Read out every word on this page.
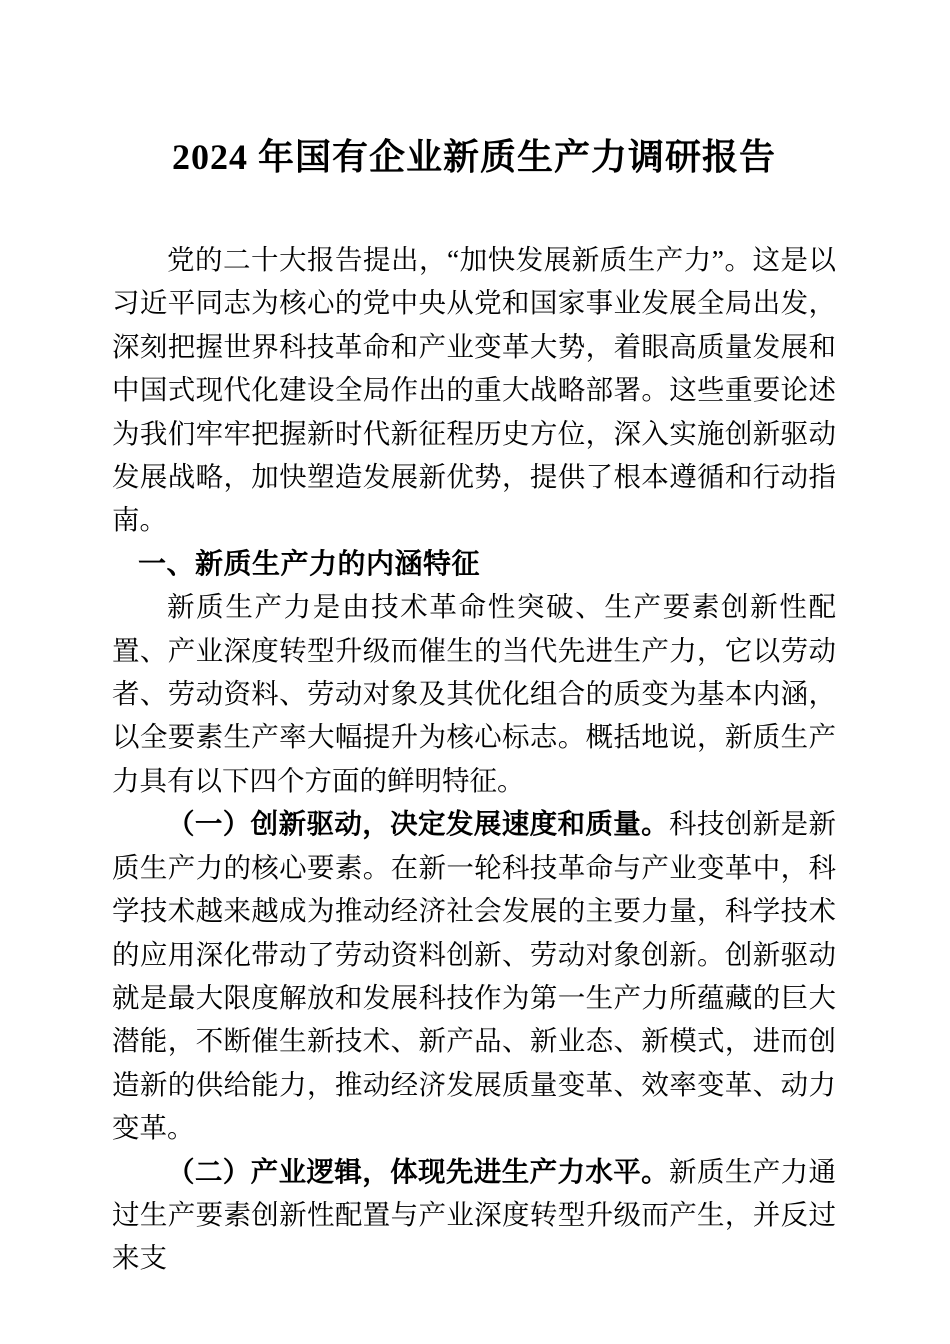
2024 年国有企业新质生产力调研报告

党的二十大报告提出，“加快发展新质生产力”。这是以习近平同志为核心的党中央从党和国家事业发展全局出发，深刻把握世界科技革命和产业变革大势，着眼高质量发展和中国式现代化建设全局作出的重大战略部署。这些重要论述为我们牢牢把握新时代新征程历史方位，深入实施创新驱动发展战略，加快塑造发展新优势，提供了根本遵循和行动指南。

一、新质生产力的内涵特征

新质生产力是由技术革命性突破、生产要素创新性配置、产业深度转型升级而催生的当代先进生产力，它以劳动者、劳动资料、劳动对象及其优化组合的质变为基本内涵，以全要素生产率大幅提升为核心标志。概括地说，新质生产力具有以下四个方面的鲜明特征。

（一）创新驱动，决定发展速度和质量。科技创新是新质生产力的核心要素。在新一轮科技革命与产业变革中，科学技术越来越成为推动经济社会发展的主要力量，科学技术的应用深化带动了劳动资料创新、劳动对象创新。创新驱动就是最大限度解放和发展科技作为第一生产力所蕴藏的巨大潜能，不断催生新技术、新产品、新业态、新模式，进而创造新的供给能力，推动经济发展质量变革、效率变革、动力变革。

（二）产业逻辑，体现先进生产力水平。新质生产力通过生产要素创新性配置与产业深度转型升级而产生，并反过来支
